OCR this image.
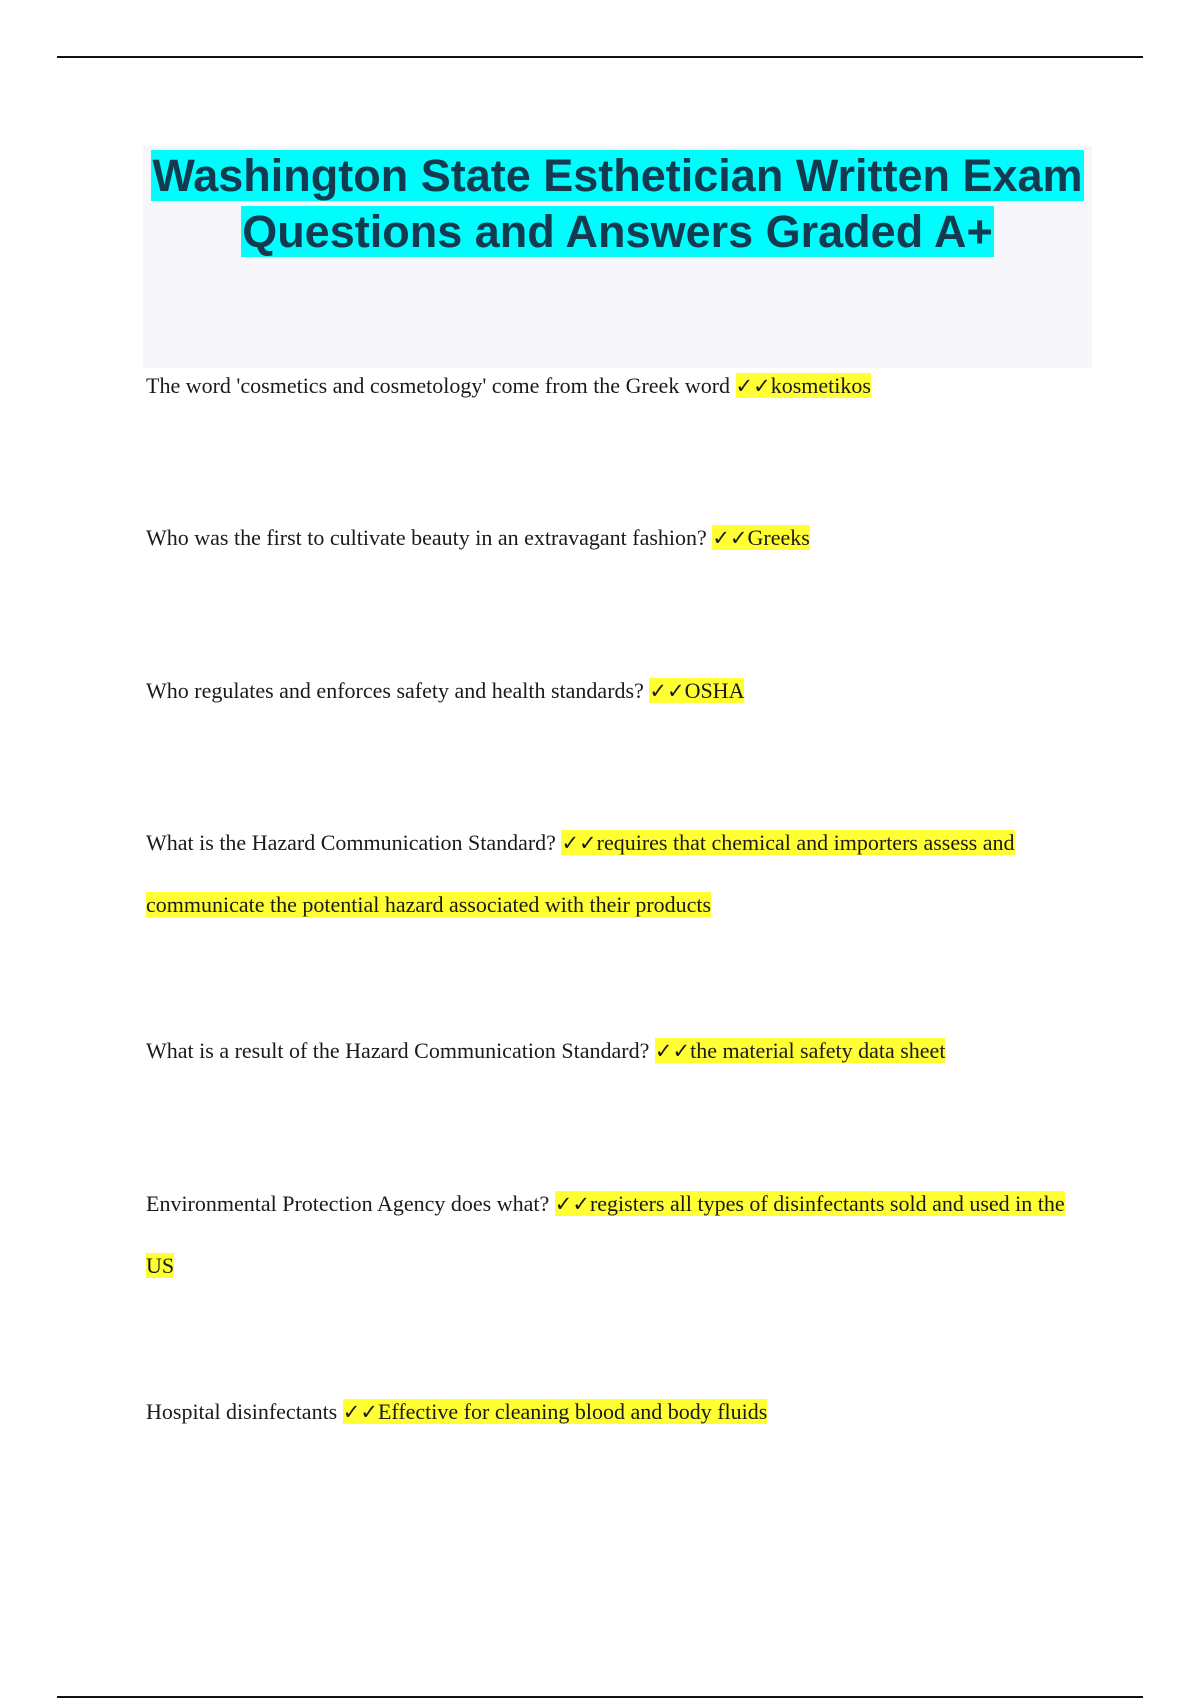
Washington State Esthetician Written Exam Questions and Answers Graded A+

The word 'cosmetics and cosmetology' come from the Greek word ✓✓kosmetikos

Who was the first to cultivate beauty in an extravagant fashion? ✓✓Greeks

Who regulates and enforces safety and health standards? ✓✓OSHA

What is the Hazard Communication Standard? ✓✓requires that chemical and importers assess and communicate the potential hazard associated with their products

What is a result of the Hazard Communication Standard? ✓✓the material safety data sheet

Environmental Protection Agency does what? ✓✓registers all types of disinfectants sold and used in the US

Hospital disinfectants ✓✓Effective for cleaning blood and body fluids
